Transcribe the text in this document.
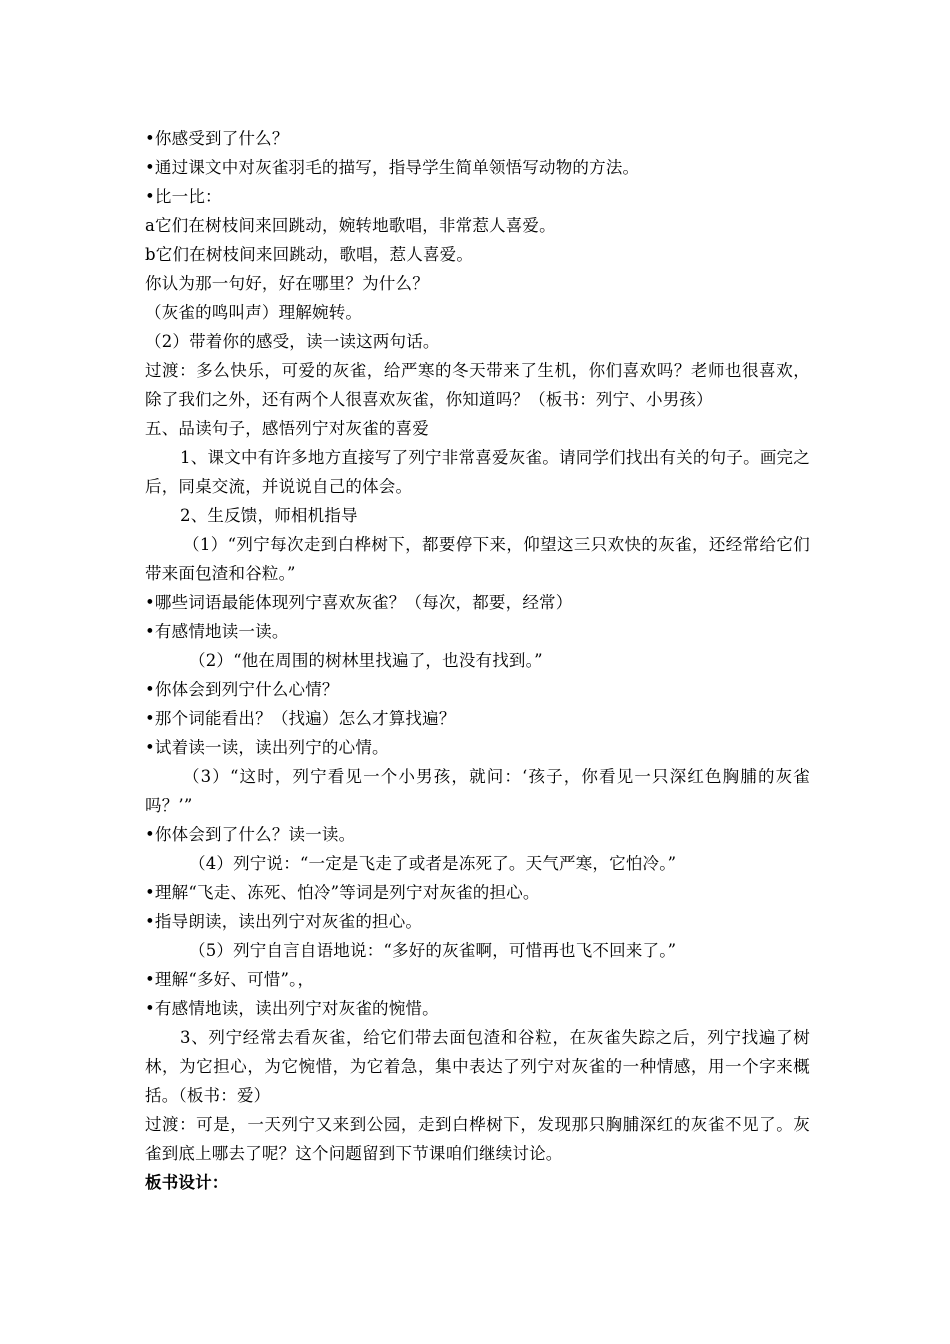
•你感受到了什么？

•通过课文中对灰雀羽毛的描写，指导学生简单领悟写动物的方法。

•比一比：

a它们在树枝间来回跳动，婉转地歌唱，非常惹人喜爱。

b它们在树枝间来回跳动，歌唱，惹人喜爱。

你认为那一句好，好在哪里？为什么？

（灰雀的鸣叫声）理解婉转。

（2）带着你的感受，读一读这两句话。

过渡：多么快乐，可爱的灰雀，给严寒的冬天带来了生机，你们喜欢吗？老师也很喜欢，除了我们之外，还有两个人很喜欢灰雀，你知道吗？（板书：列宁、小男孩）

五、品读句子，感悟列宁对灰雀的喜爱

1、课文中有许多地方直接写了列宁非常喜爱灰雀。请同学们找出有关的句子。画完之后，同桌交流，并说说自己的体会。

2、生反馈，师相机指导

（1）“列宁每次走到白桦树下，都要停下来，仰望这三只欢快的灰雀，还经常给它们带来面包渣和谷粒。”

•哪些词语最能体现列宁喜欢灰雀？（每次，都要，经常）

•有感情地读一读。

（2）“他在周围的树林里找遍了，也没有找到。”

•你体会到列宁什么心情？

•那个词能看出？（找遍）怎么才算找遍？

•试着读一读，读出列宁的心情。

（3）“这时，列宁看见一个小男孩，就问：‘孩子，你看见一只深红色胸脯的灰雀吗？’”

•你体会到了什么？读一读。

（4）列宁说：“一定是飞走了或者是冻死了。天气严寒，它怕冷。”

•理解“飞走、冻死、怕冷”等词是列宁对灰雀的担心。

•指导朗读，读出列宁对灰雀的担心。

（5）列宁自言自语地说：“多好的灰雀啊，可惜再也飞不回来了。”

•理解“多好、可惜”。，

•有感情地读，读出列宁对灰雀的惋惜。

3、列宁经常去看灰雀，给它们带去面包渣和谷粒，在灰雀失踪之后，列宁找遍了树林，为它担心，为它惋惜，为它着急，集中表达了列宁对灰雀的一种情感，用一个字来概括。（板书：爱）

过渡：可是，一天列宁又来到公园，走到白桦树下，发现那只胸脯深红的灰雀不见了。灰雀到底上哪去了呢？这个问题留到下节课咱们继续讨论。

板书设计：
